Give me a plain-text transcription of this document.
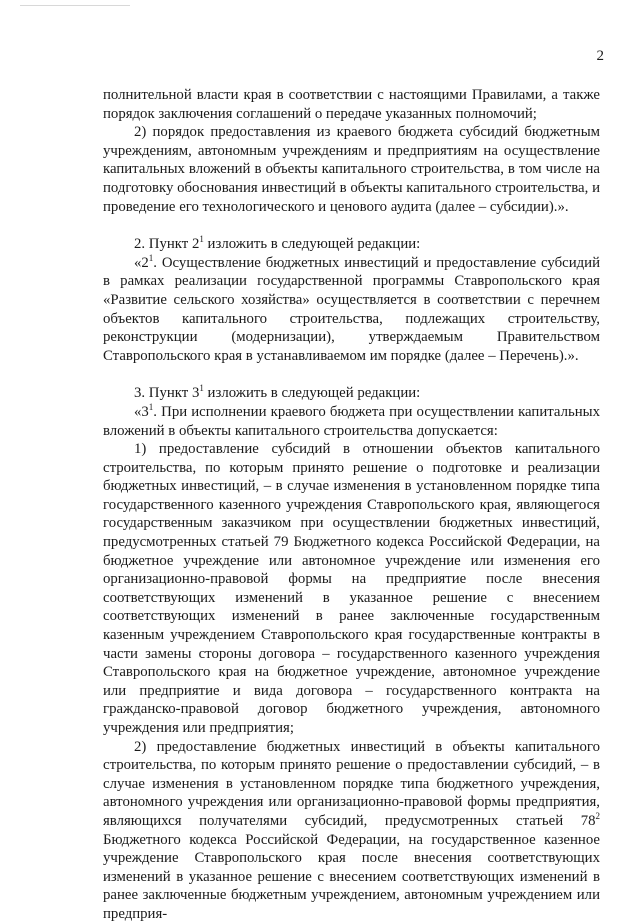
2

полнительной власти края в соответствии с настоящими Правилами, а также порядок заключения соглашений о передаче указанных полномочий;

2) порядок предоставления из краевого бюджета субсидий бюджетным учреждениям, автономным учреждениям и предприятиям на осуществление капитальных вложений в объекты капитального строительства, в том числе на подготовку обоснования инвестиций в объекты капитального строительства, и проведение его технологического и ценового аудита (далее – субсидии).».

2. Пункт $2^1$ изложить в следующей редакции:

«$2^1$. Осуществление бюджетных инвестиций и предоставление субсидий в рамках реализации государственной программы Ставропольского края «Развитие сельского хозяйства» осуществляется в соответствии с перечнем объектов капитального строительства, подлежащих строительству, реконструкции (модернизации), утверждаемым Правительством Ставропольского края в устанавливаемом им порядке (далее – Перечень).».

3. Пункт $3^1$ изложить в следующей редакции:

«$3^1$. При исполнении краевого бюджета при осуществлении капитальных вложений в объекты капитального строительства допускается:

1) предоставление субсидий в отношении объектов капитального строительства, по которым принято решение о подготовке и реализации бюджетных инвестиций, – в случае изменения в установленном порядке типа государственного казенного учреждения Ставропольского края, являющегося государственным заказчиком при осуществлении бюджетных инвестиций, предусмотренных статьей 79 Бюджетного кодекса Российской Федерации, на бюджетное учреждение или автономное учреждение или изменения его организационно-правовой формы на предприятие после внесения соответствующих изменений в указанное решение с внесением соответствующих изменений в ранее заключенные государственным казенным учреждением Ставропольского края государственные контракты в части замены стороны договора – государственного казенного учреждения Ставропольского края на бюджетное учреждение, автономное учреждение или предприятие и вида договора – государственного контракта на гражданско-правовой договор бюджетного учреждения, автономного учреждения или предприятия;

2) предоставление бюджетных инвестиций в объекты капитального строительства, по которым принято решение о предоставлении субсидий, – в случае изменения в установленном порядке типа бюджетного учреждения, автономного учреждения или организационно-правовой формы предприятия, являющихся получателями субсидий, предусмотренных статьей $78^2$ Бюджетного кодекса Российской Федерации, на государственное казенное учреждение Ставропольского края после внесения соответствующих изменений в указанное решение с внесением соответствующих изменений в ранее заключенные бюджетным учреждением, автономным учреждением или предприя-
